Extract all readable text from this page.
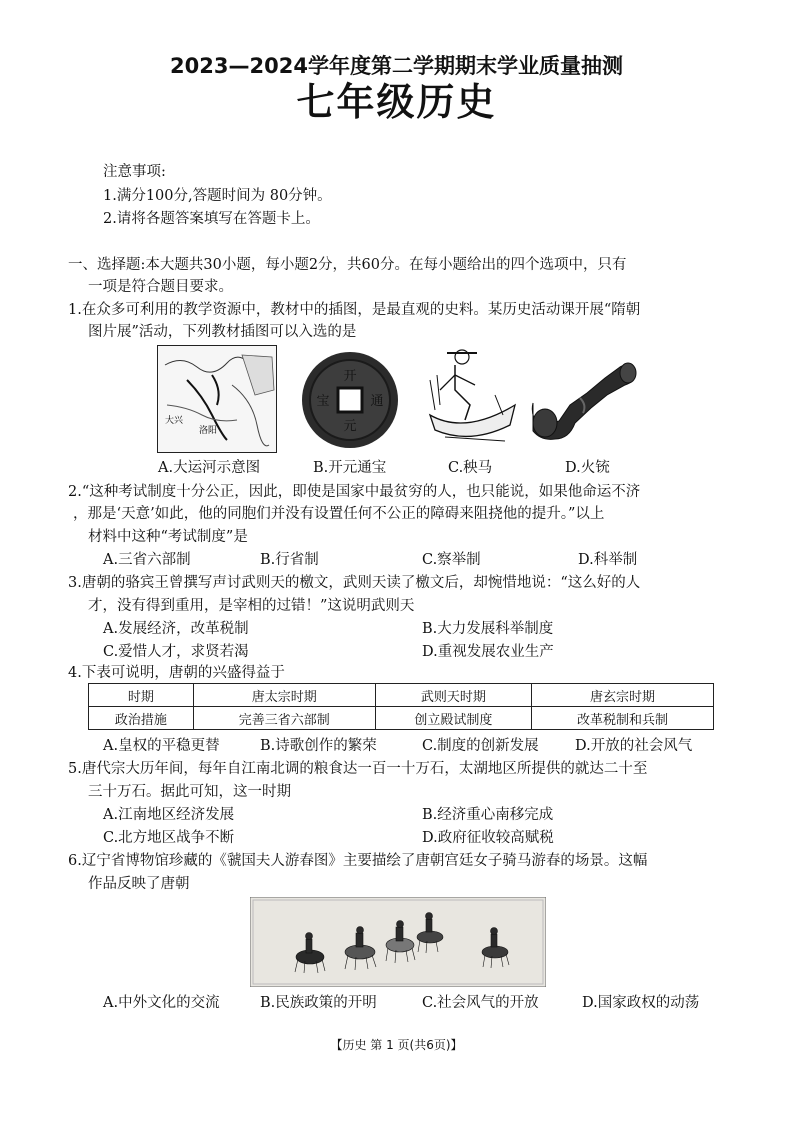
2023—2024学年度第二学期期末学业质量抽测
七年级历史
注意事项:
1.满分100分,答题时间为 80分钟。
2.请将各题答案填写在答题卡上。
一、选择题:本大题共30小题，每小题2分，共60分。在每小题给出的四个选项中，只有
一项是符合题目要求。
1.在众多可利用的教学资源中，教材中的插图，是最直观的史料。某历史活动课开展“隋朝
图片展”活动，下列教材插图可以入选的是
大兴
洛阳
开
元
通
宝
A.大运河示意图	B.开元通宝	C.秧马	D.火铳
2.“这种考试制度十分公正，因此，即使是国家中最贫穷的人，也只能说，如果他命运不济
，那是‘天意’如此，他的同胞们并没有设置任何不公正的障碍来阻挠他的提升。”以上
材料中这种“考试制度”是
A.三省六部制	B.行省制	C.察举制	D.科举制
3.唐朝的骆宾王曾撰写声讨武则天的檄文，武则天读了檄文后，却惋惜地说：“这么好的人
才，没有得到重用，是宰相的过错！”这说明武则天
A.发展经济，改革税制	B.大力发展科举制度
C.爱惜人才，求贤若渴	D.重视发展农业生产
4.下表可说明，唐朝的兴盛得益于
时期	唐太宗时期	武则天时期	唐玄宗时期
政治措施	完善三省六部制	创立殿试制度	改革税制和兵制
A.皇权的平稳更替	B.诗歌创作的繁荣	C.制度的创新发展	D.开放的社会风气
5.唐代宗大历年间，每年自江南北调的粮食达一百一十万石，太湖地区所提供的就达二十至
三十万石。据此可知，这一时期
A.江南地区经济发展	B.经济重心南移完成
C.北方地区战争不断	D.政府征收较高赋税
6.辽宁省博物馆珍藏的《虢国夫人游春图》主要描绘了唐朝宫廷女子骑马游春的场景。这幅
作品反映了唐朝
A.中外文化的交流	B.民族政策的开明	C.社会风气的开放	D.国家政权的动荡
【历史 第 1 页(共6页)】
